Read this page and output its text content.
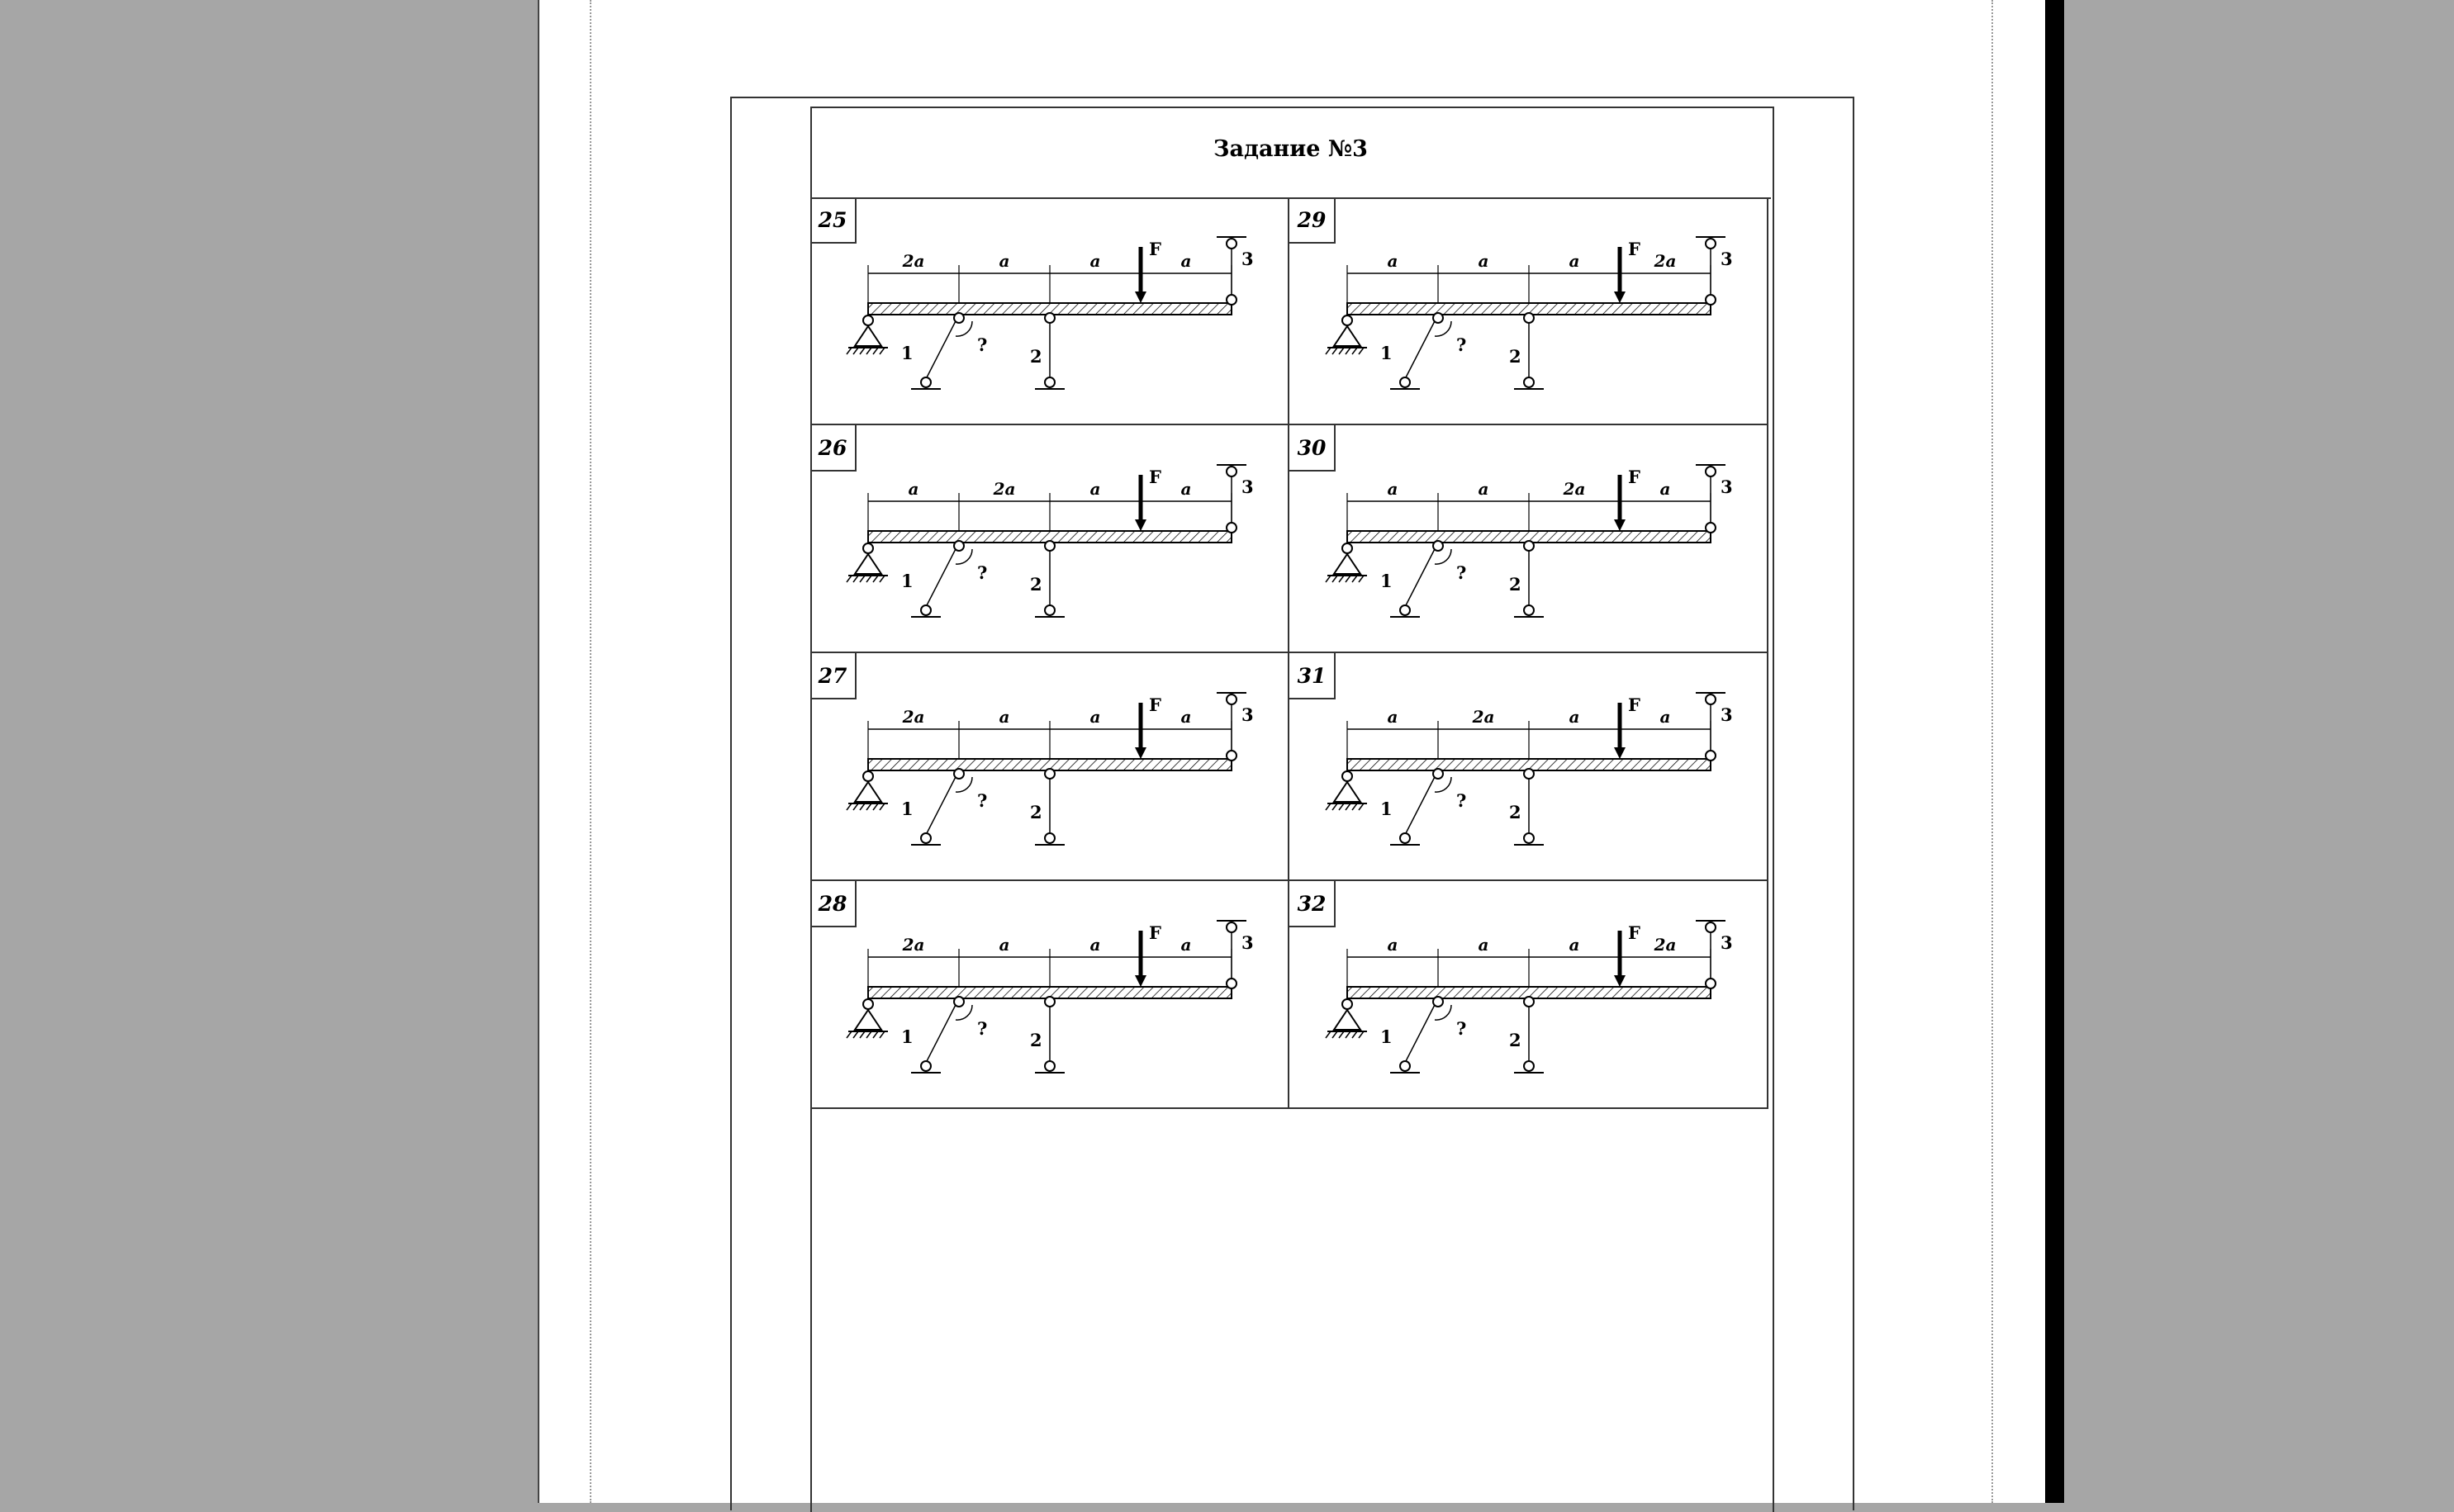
Задание №3
25
2a	a	a	a
F
1	2
3
?
29
a	a	a	2a
F
1	2
3
?
26
a	2a	a	a
F
1	2
3
?
30
a	a	2a	a
F
1	2
3
?
27
2a	a	a	a
F
1	2
3
?
31
a	2a	a	a
F
1	2
3
?
28
2a	a	a	a
F
1	2
3
?
32
a	a	a	2a
F
1	2
3
?
